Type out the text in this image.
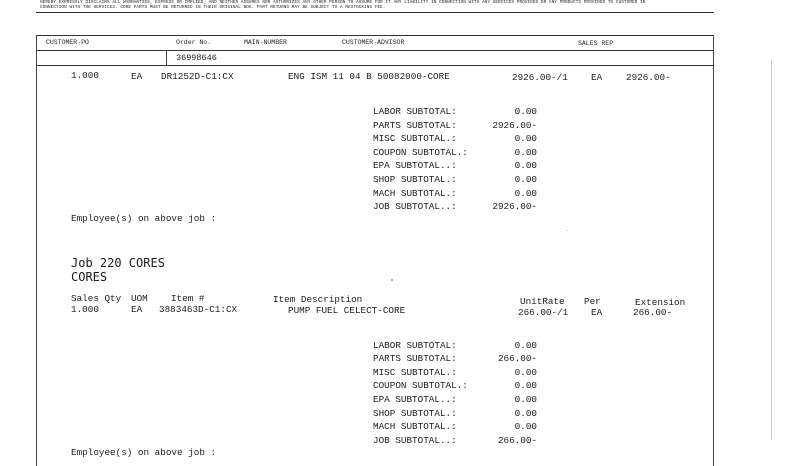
HEREBY EXPRESSLY DISCLAIMS ALL WARRANTIES, EXPRESS OR IMPLIED, AND NEITHER ASSUMES NOR AUTHORIZES ANY OTHER PERSON TO ASSUME FOR IT ANY LIABILITY IN CONNECTION WITH ANY SERVICES PROVIDED OR ANY PRODUCTS PROVIDED TO CUSTOMER IN
CONNECTION WITH THE SERVICES. CORE PARTS MUST BE RETURNED IN THEIR ORIGINAL BOX. PART RETURNS MAY BE SUBJECT TO A RESTOCKING FEE.
CUSTOMER-PO	Order No.	MAIN-NUMBER	CUSTOMER-ADVISOR	SALES REP
36998646
1.000	EA DR1252D-C1:CX	ENG ISM 11 04 B 50082000-CORE	2926.00-/1 EA	2926.00-
LABOR SUBTOTAL:	0.00
PARTS SUBTOTAL:	2926.00-
MISC SUBTOTAL.:	0.00
COUPON SUBTOTAL.:	0.00
EPA SUBTOTAL..:	0.00
SHOP SUBTOTAL.:	0.00
MACH SUBTOTAL.:	0.00
JOB SUBTOTAL..:	2926.00-
Employee(s) on above job :
Job 220 CORES
CORES
Sales Qty UOM	Item #	Item Description	UnitRate Per	Extension
1.000	EA 3883463D-C1:CX	PUMP FUEL CELECT-CORE	266.00-/1 EA	266.00-
LABOR SUBTOTAL:	0.00
PARTS SUBTOTAL:	266.00-
MISC SUBTOTAL.:	0.00
COUPON SUBTOTAL.:	0.00
EPA SUBTOTAL..:	0.00
SHOP SUBTOTAL.:	0.00
MACH SUBTOTAL.:	0.00
JOB SUBTOTAL..:	266.00-
Employee(s) on above job :
